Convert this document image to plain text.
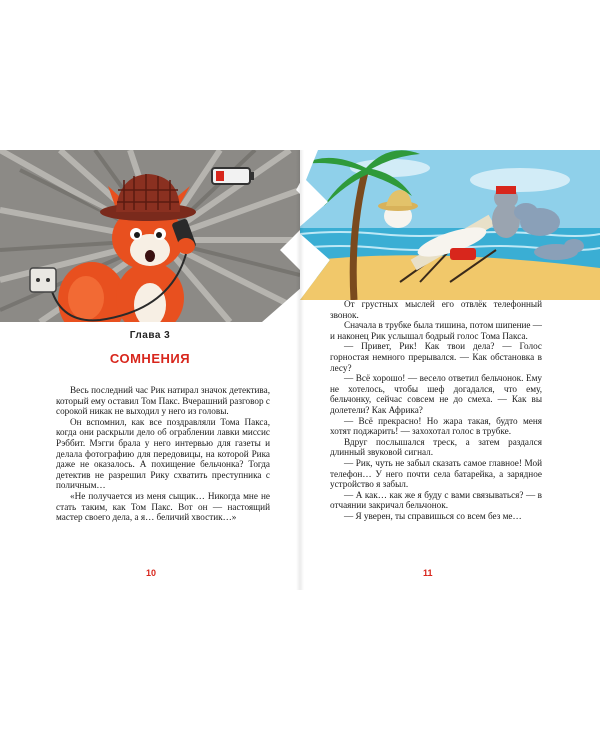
Глава 3
СОМНЕНИЯ

Весь последний час Рик натирал значок детектива, который ему оставил Том Пакс. Вчерашний разговор с сорокой никак не выходил у него из головы.

Он вспомнил, как все поздравляли Тома Пакса, когда они раскрыли дело об ограблении лавки миссис Рэббит. Мэгги брала у него интервью для газеты и делала фотографию для передовицы, на которой Рика даже не оказалось. А похищение бельчонка? Тогда детектив не разрешил Рику схватить преступника с поличным…

«Не получается из меня сыщик… Никогда мне не стать таким, как Том Пакс. Вот он — настоящий мастер своего дела, а я… беличий хвостик…»

10

От грустных мыслей его отвлёк телефонный звонок.

Сначала в трубке была тишина, потом шипение — и наконец Рик услышал бодрый голос Тома Пакса.

— Привет, Рик! Как твои дела? — Голос горностая немного прерывался. — Как обстановка в лесу?

— Всё хорошо! — весело ответил бельчонок. Ему не хотелось, чтобы шеф догадался, что ему, бельчонку, сейчас совсем не до смеха. — Как вы долетели? Как Африка?

— Всё прекрасно! Но жара такая, будто меня хотят поджарить! — захохотал голос в трубке.

Вдруг послышался треск, а затем раздался длинный звуковой сигнал.

— Рик, чуть не забыл сказать самое главное! Мой телефон… У него почти села батарейка, а зарядное устройство я забыл.

— А как… как же я буду с вами связываться? — в отчаянии закричал бельчонок.

— Я уверен, ты справишься со всем без ме…

11
